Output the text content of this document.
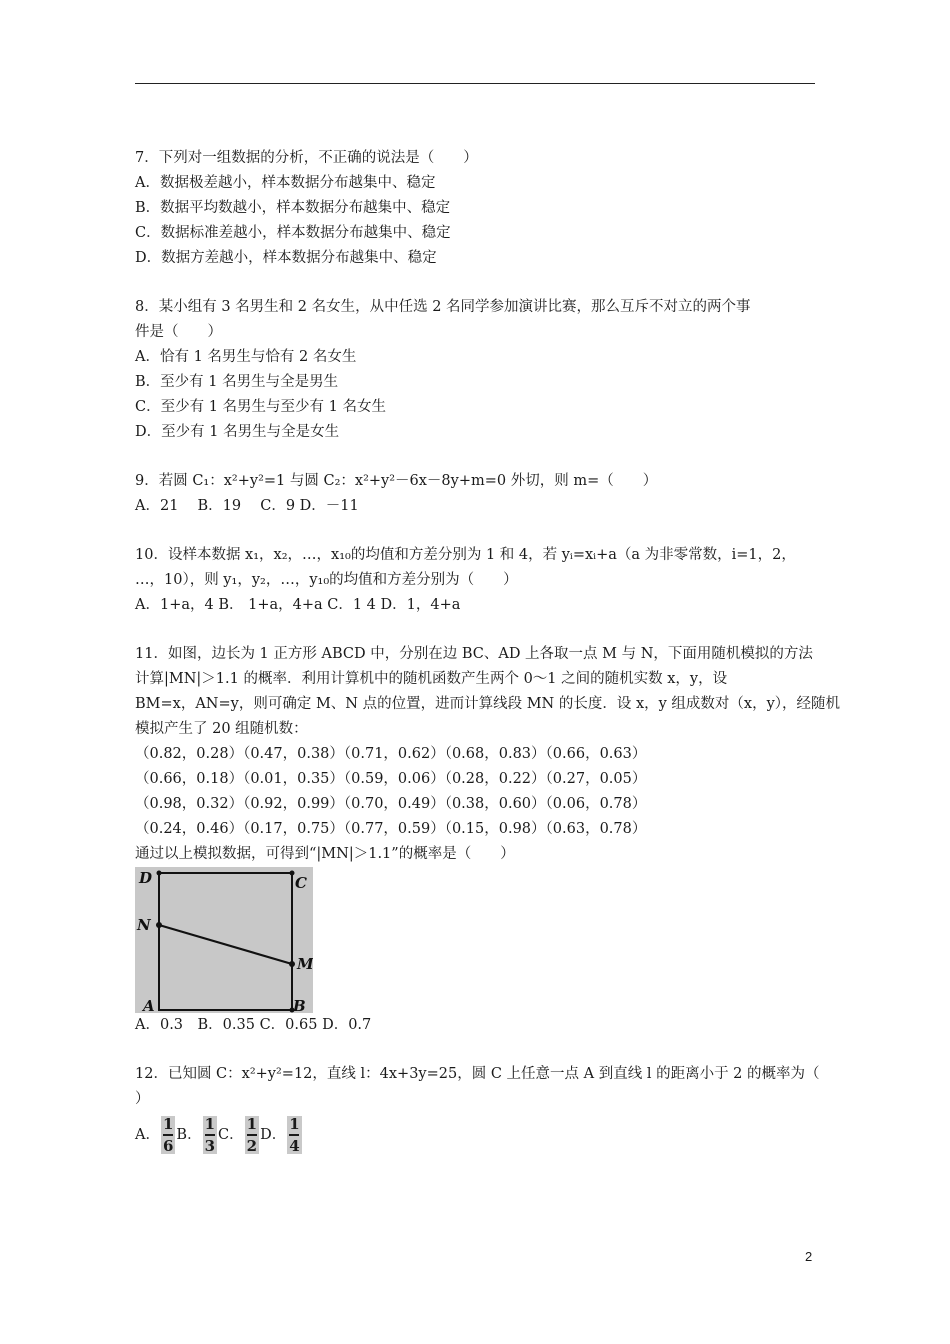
7．下列对一组数据的分析，不正确的说法是（　　）
A．数据极差越小，样本数据分布越集中、稳定
B．数据平均数越小，样本数据分布越集中、稳定
C．数据标准差越小，样本数据分布越集中、稳定
D．数据方差越小，样本数据分布越集中、稳定
8．某小组有 3 名男生和 2 名女生，从中任选 2 名同学参加演讲比赛，那么互斥不对立的两个事
件是（　　）
A．恰有 1 名男生与恰有 2 名女生
B．至少有 1 名男生与全是男生
C．至少有 1 名男生与至少有 1 名女生
D．至少有 1 名男生与全是女生
9．若圆 C₁：x²+y²=1 与圆 C₂：x²+y²－6x－8y+m=0 外切，则 m=（　　）
A．21　 B．19　 C．9 D．－11
10．设样本数据 x₁，x₂，…，x₁₀的均值和方差分别为 1 和 4，若 yᵢ=xᵢ+a（a 为非零常数，i=1，2，
…，10），则 y₁，y₂，…，y₁₀的均值和方差分别为（　　）
A．1+a，4 B． 1+a，4+a C．1 4 D．1，4+a
11．如图，边长为 1 正方形 ABCD 中，分别在边 BC、AD 上各取一点 M 与 N，下面用随机模拟的方法
计算|MN|＞1.1 的概率．利用计算机中的随机函数产生两个 0～1 之间的随机实数 x，y，设
BM=x，AN=y，则可确定 M、N 点的位置，进而计算线段 MN 的长度．设 x，y 组成数对（x，y），经随机
模拟产生了 20 组随机数：
（0.82，0.28）（0.47，0.38）（0.71，0.62）（0.68，0.83）（0.66，0.63）
（0.66，0.18）（0.01，0.35）（0.59，0.06）（0.28，0.22）（0.27，0.05）
（0.98，0.32）（0.92，0.99）（0.70，0.49）（0.38，0.60）（0.06，0.78）
（0.24，0.46）（0.17，0.75）（0.77，0.59）（0.15，0.98）（0.63，0.78）
通过以上模拟数据，可得到“|MN|＞1.1”的概率是（　　）
D	C
N
M
A	B
A．0.3　B．0.35 C．0.65 D．0.7
12．已知圆 C：x²+y²=12，直线 l：4x+3y=25，圆 C 上任意一点 A 到直线 l 的距离小于 2 的概率为（
）
A． $\frac{1}{6}$ B． $\frac{1}{3}$ C． $\frac{1}{2}$ D． $\frac{1}{4}$
2
